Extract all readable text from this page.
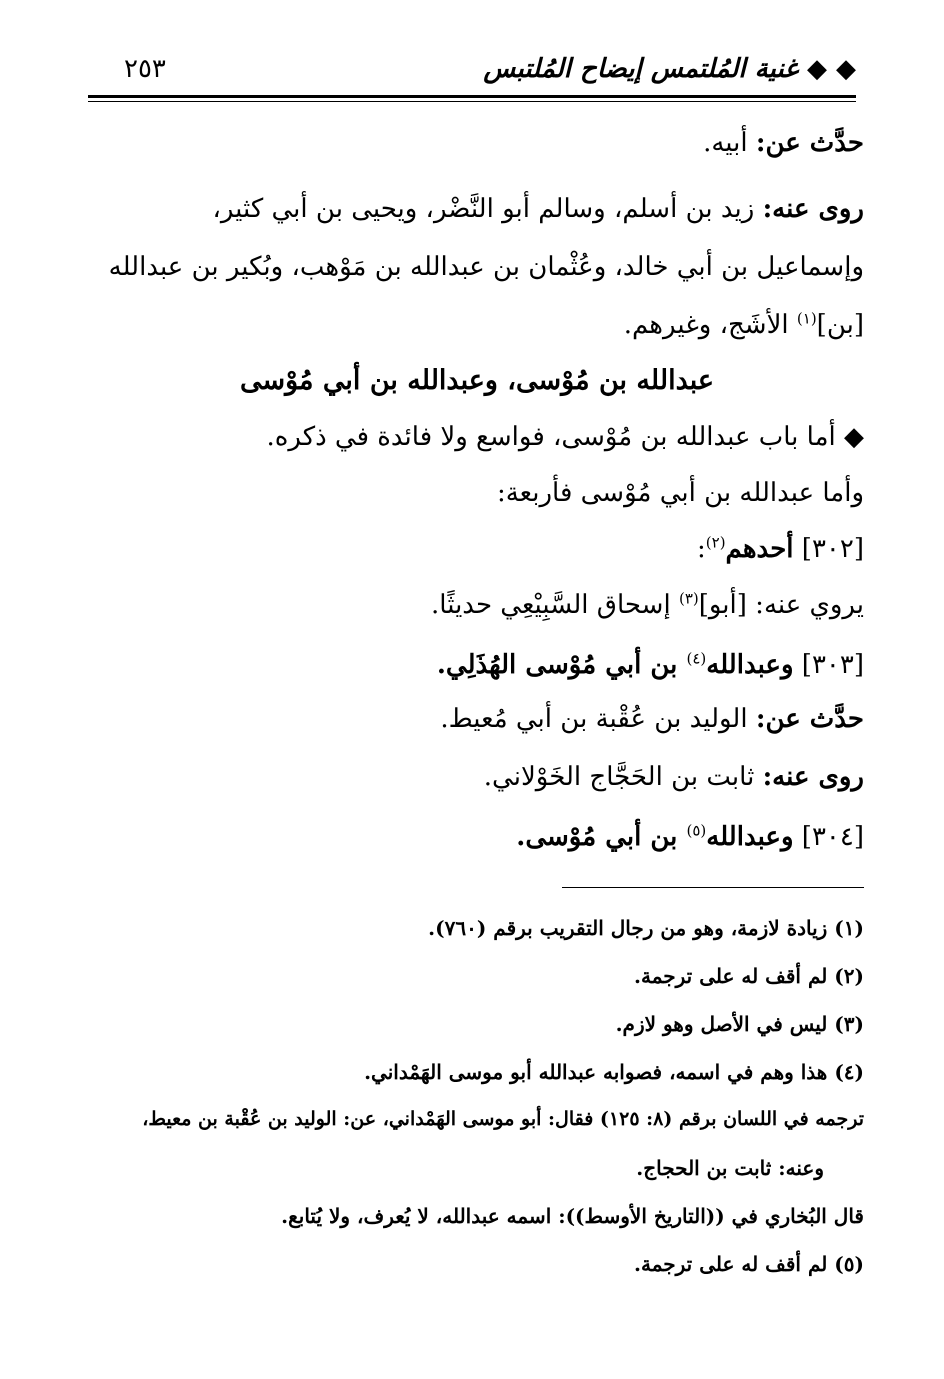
◆ ◆ غنية المُلتمس إيضاح المُلتبس
٢٥٣
حدَّث عن: أبيه.
روى عنه: زيد بن أسلم، وسالم أبو النَّضْر، ويحيى بن أبي كثير،
وإسماعيل بن أبي خالد، وعُثْمان بن عبدالله بن مَوْهب، وبُكير بن عبدالله
[بن]$^{(١)}$ الأشَج، وغيرهم.
عبدالله بن مُوْسى، وعبدالله بن أبي مُوْسى
◆ أما باب عبدالله بن مُوْسى، فواسع ولا فائدة في ذكره.
وأما عبدالله بن أبي مُوْسى فأربعة:
[٣٠٢] أحدهم$^{(٢)}$:
يروي عنه: [أبو]$^{(٣)}$ إسحاق السَّبِيْعِي حديثًا.
[٣٠٣] وعبدالله$^{(٤)}$ بن أبي مُوْسى الهُذَلِي.
حدَّث عن: الوليد بن عُقْبة بن أبي مُعيط.
روى عنه: ثابت بن الحَجَّاج الخَوْلاني.
[٣٠٤] وعبدالله$^{(٥)}$ بن أبي مُوْسى.
(١) زيادة لازمة، وهو من رجال التقريب برقم (٧٦٠).
(٢) لم أقف له على ترجمة.
(٣) ليس في الأصل وهو لازم.
(٤) هذا وهم في اسمه، فصوابه عبدالله أبو موسى الهَمْداني.
ترجمه في اللسان برقم (٨: ١٢٥) فقال: أبو موسى الهَمْداني، عن: الوليد بن عُقْبة بن معيط،
وعنه: ثابت بن الحجاج.
قال البُخاري في ((التاريخ الأوسط)): اسمه عبدالله، لا يُعرف، ولا يُتابع.
(٥) لم أقف له على ترجمة.
